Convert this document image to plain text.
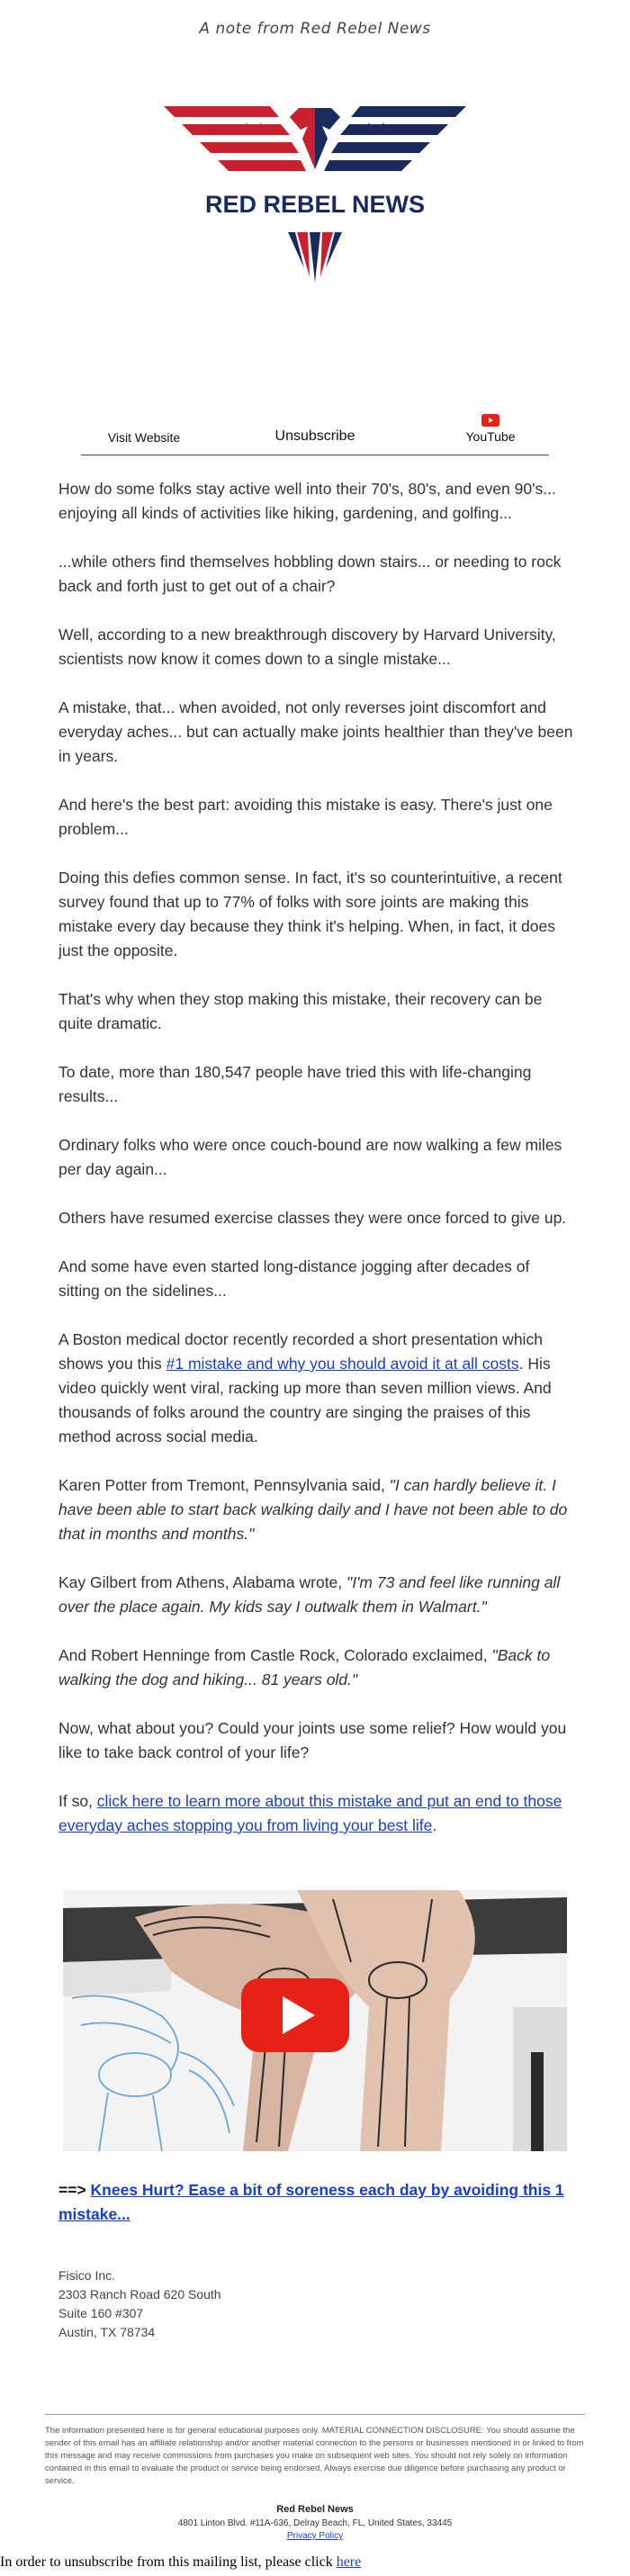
A note from Red Rebel News
RED REBEL NEWS
Visit Website	Unsubscribe	YouTube

How do some folks stay active well into their 70's, 80's, and even 90's... enjoying all kinds of activities like hiking, gardening, and golfing...

...while others find themselves hobbling down stairs... or needing to rock back and forth just to get out of a chair?

Well, according to a new breakthrough discovery by Harvard University, scientists now know it comes down to a single mistake...

A mistake, that... when avoided, not only reverses joint discomfort and everyday aches... but can actually make joints healthier than they've been in years.

And here's the best part: avoiding this mistake is easy. There's just one problem...

Doing this defies common sense. In fact, it's so counterintuitive, a recent survey found that up to 77% of folks with sore joints are making this mistake every day because they think it's helping. When, in fact, it does just the opposite.

That's why when they stop making this mistake, their recovery can be quite dramatic.

To date, more than 180,547 people have tried this with life-changing results...

Ordinary folks who were once couch-bound are now walking a few miles per day again...

Others have resumed exercise classes they were once forced to give up.

And some have even started long-distance jogging after decades of sitting on the sidelines...

A Boston medical doctor recently recorded a short presentation which shows you this #1 mistake and why you should avoid it at all costs. His video quickly went viral, racking up more than seven million views. And thousands of folks around the country are singing the praises of this method across social media.

Karen Potter from Tremont, Pennsylvania said, "I can hardly believe it. I have been able to start back walking daily and I have not been able to do that in months and months."

Kay Gilbert from Athens, Alabama wrote, "I'm 73 and feel like running all over the place again. My kids say I outwalk them in Walmart."

And Robert Henninge from Castle Rock, Colorado exclaimed, "Back to walking the dog and hiking... 81 years old."

Now, what about you? Could your joints use some relief? How would you like to take back control of your life?

If so, click here to learn more about this mistake and put an end to those everyday aches stopping you from living your best life.

==> Knees Hurt? Ease a bit of soreness each day by avoiding this 1 mistake...
Fisico Inc.
2303 Ranch Road 620 South
Suite 160 #307
Austin, TX 78734
The information presented here is for general educational purposes only. MATERIAL CONNECTION DISCLOSURE: You should assume the sender of this email has an affiliate relationship and/or another material connection to the persons or businesses mentioned in or linked to from this message and may receive commissions from purchases you make on subsequent web sites. You should not rely solely on information contained in this email to evaluate the product or service being endorsed. Always exercise due diligence before purchasing any product or service.
Red Rebel News
4801 Linton Blvd. #11A-636, Delray Beach, FL, United States, 33445
Privacy Policy
In order to unsubscribe from this mailing list, please click here
